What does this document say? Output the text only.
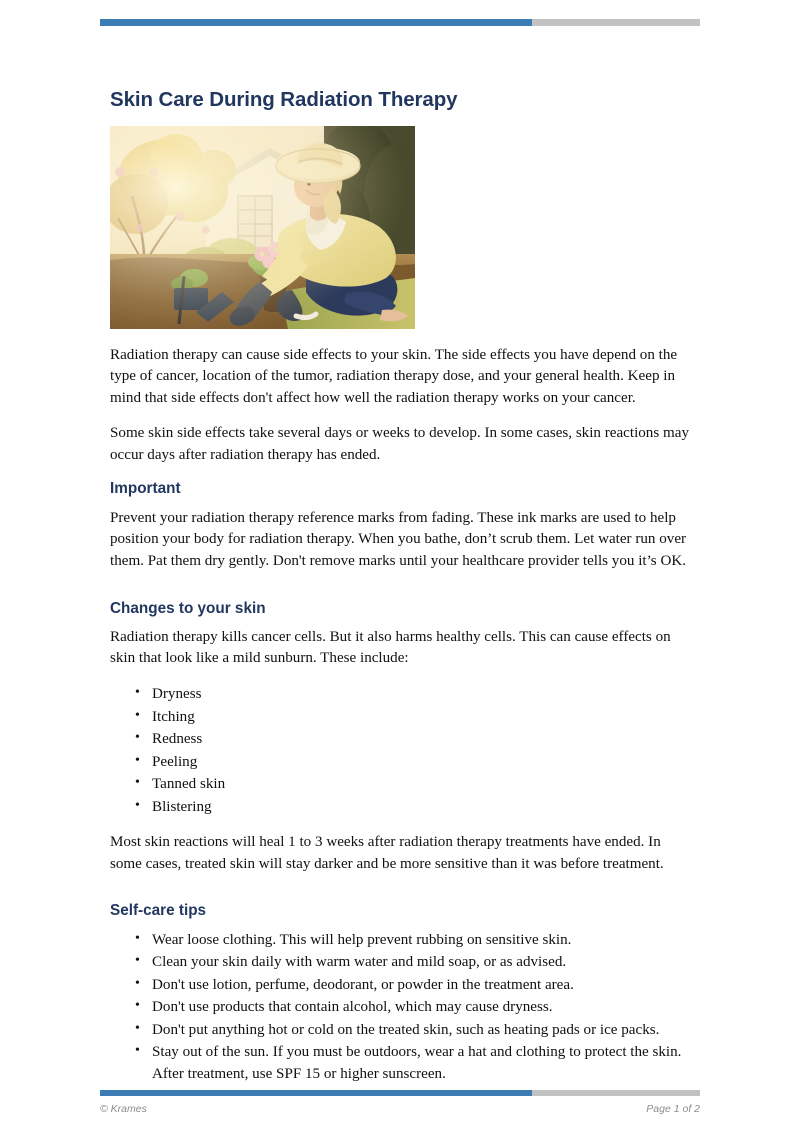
Skin Care During Radiation Therapy

Radiation therapy can cause side effects to your skin. The side effects you have depend on the type of cancer, location of the tumor, radiation therapy dose, and your general health. Keep in mind that side effects don't affect how well the radiation therapy works on your cancer.

Some skin side effects take several days or weeks to develop. In some cases, skin reactions may occur days after radiation therapy has ended.

Important

Prevent your radiation therapy reference marks from fading. These ink marks are used to help position your body for radiation therapy. When you bathe, don’t scrub them. Let water run over them. Pat them dry gently. Don't remove marks until your healthcare provider tells you it’s OK.

Changes to your skin

Radiation therapy kills cancer cells. But it also harms healthy cells. This can cause effects on skin that look like a mild sunburn. These include:

• Dryness
• Itching
• Redness
• Peeling
• Tanned skin
• Blistering

Most skin reactions will heal 1 to 3 weeks after radiation therapy treatments have ended. In some cases, treated skin will stay darker and be more sensitive than it was before treatment.

Self-care tips
• Wear loose clothing. This will help prevent rubbing on sensitive skin.
• Clean your skin daily with warm water and mild soap, or as advised.
• Don't use lotion, perfume, deodorant, or powder in the treatment area.
• Don't use products that contain alcohol, which may cause dryness.
• Don't put anything hot or cold on the treated skin, such as heating pads or ice packs.
• Stay out of the sun. If you must be outdoors, wear a hat and clothing to protect the skin. After treatment, use SPF 15 or higher sunscreen.
© Krames	Page 1 of 2
